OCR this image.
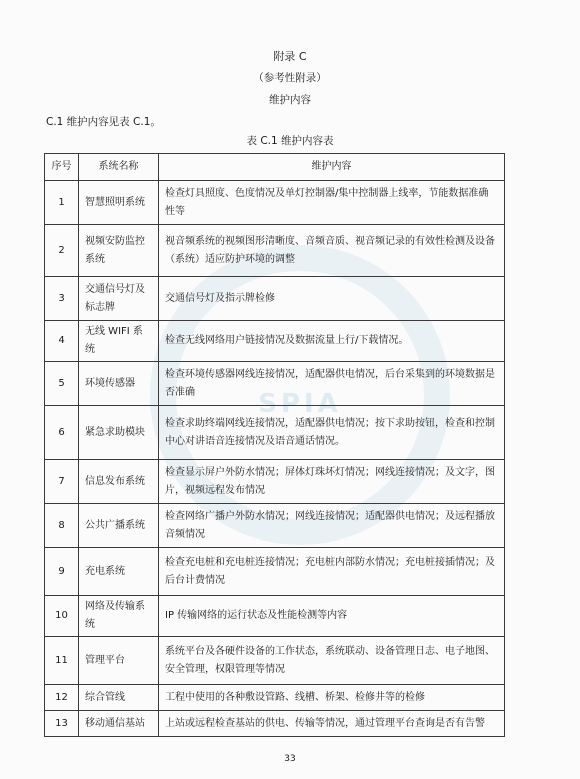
SPIA
附录 C
（参考性附录）
维护内容
C.1 维护内容见表 C.1。
表 C.1 维护内容表
序号	系统名称	维护内容
1	智慧照明系统	检查灯具照度、色度情况及单灯控制器/集中控制器上线率，节能数据准确性等
2	视频安防监控系统	视音频系统的视频图形清晰度、音频音质、视音频记录的有效性检测及设备（系统）适应防护环境的调整
3	交通信号灯及标志牌	交通信号灯及指示牌检修
4	无线 WIFI 系统	检查无线网络用户链接情况及数据流量上行/下载情况。
5	环境传感器	检查环境传感器网线连接情况，适配器供电情况，后台采集到的环境数据是否准确
6	紧急求助模块	检查求助终端网线连接情况，适配器供电情况；按下求助按钮，检查和控制中心对讲语音连接情况及语音通话情况。
7	信息发布系统	检查显示屏户外防水情况；屏体灯珠坏灯情况；网线连接情况；及文字，图片，视频远程发布情况
8	公共广播系统	检查网络广播户外防水情况；网线连接情况；适配器供电情况；及远程播放音频情况
9	充电系统	检查充电桩和充电桩连接情况；充电桩内部防水情况；充电桩接插情况；及后台计费情况
10	网络及传输系统	IP 传输网络的运行状态及性能检测等内容
11	管理平台	系统平台及各硬件设备的工作状态，系统联动、设备管理日志、电子地图、安全管理，权限管理等情况
12	综合管线	工程中使用的各种敷设管路、线槽、桥架、检修井等的检修
13	移动通信基站	上站或远程检查基站的供电、传输等情况，通过管理平台查询是否有告警
33
